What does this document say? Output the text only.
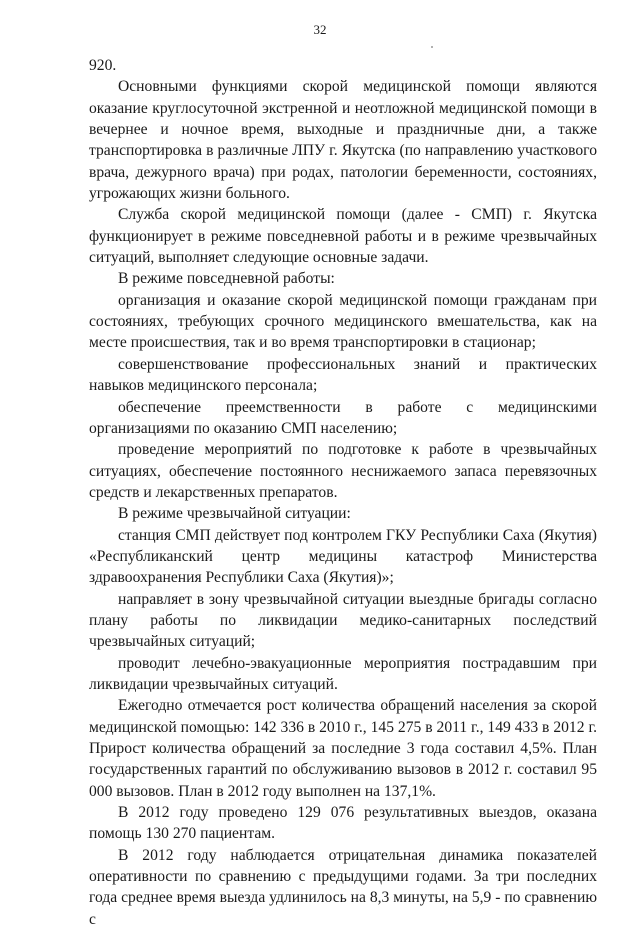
32

920.

Основными функциями скорой медицинской помощи являются оказание круглосуточной экстренной и неотложной медицинской помощи в вечернее и ночное время, выходные и праздничные дни, а также транспортировка в различные ЛПУ г. Якутска (по направлению участкового врача, дежурного врача) при родах, патологии беременности, состояниях, угрожающих жизни больного.

Служба скорой медицинской помощи (далее - СМП) г. Якутска функционирует в режиме повседневной работы и в режиме чрезвычайных ситуаций, выполняет следующие основные задачи.

В режиме повседневной работы:

организация и оказание скорой медицинской помощи гражданам при состояниях, требующих срочного медицинского вмешательства, как на месте происшествия, так и во время транспортировки в стационар;

совершенствование профессиональных знаний и практических навыков медицинского персонала;

обеспечение преемственности в работе с медицинскими организациями по оказанию СМП населению;

проведение мероприятий по подготовке к работе в чрезвычайных ситуациях, обеспечение постоянного неснижаемого запаса перевязочных средств и лекарственных препаратов.

В режиме чрезвычайной ситуации:

станция СМП действует под контролем ГКУ Республики Саха (Якутия) «Республиканский центр медицины катастроф Министерства здравоохранения Республики Саха (Якутия)»;

направляет в зону чрезвычайной ситуации выездные бригады согласно плану работы по ликвидации медико-санитарных последствий чрезвычайных ситуаций;

проводит лечебно-эвакуационные мероприятия пострадавшим при ликвидации чрезвычайных ситуаций.

Ежегодно отмечается рост количества обращений населения за скорой медицинской помощью: 142 336 в 2010 г., 145 275 в 2011 г., 149 433 в 2012 г. Прирост количества обращений за последние 3 года составил 4,5%. План государственных гарантий по обслуживанию вызовов в 2012 г. составил 95 000 вызовов. План в 2012 году выполнен на 137,1%.

В 2012 году проведено 129 076 результативных выездов, оказана помощь 130 270 пациентам.

В 2012 году наблюдается отрицательная динамика показателей оперативности по сравнению с предыдущими годами. За три последних года среднее время выезда удлинилось на 8,3 минуты, на 5,9 - по сравнению с
